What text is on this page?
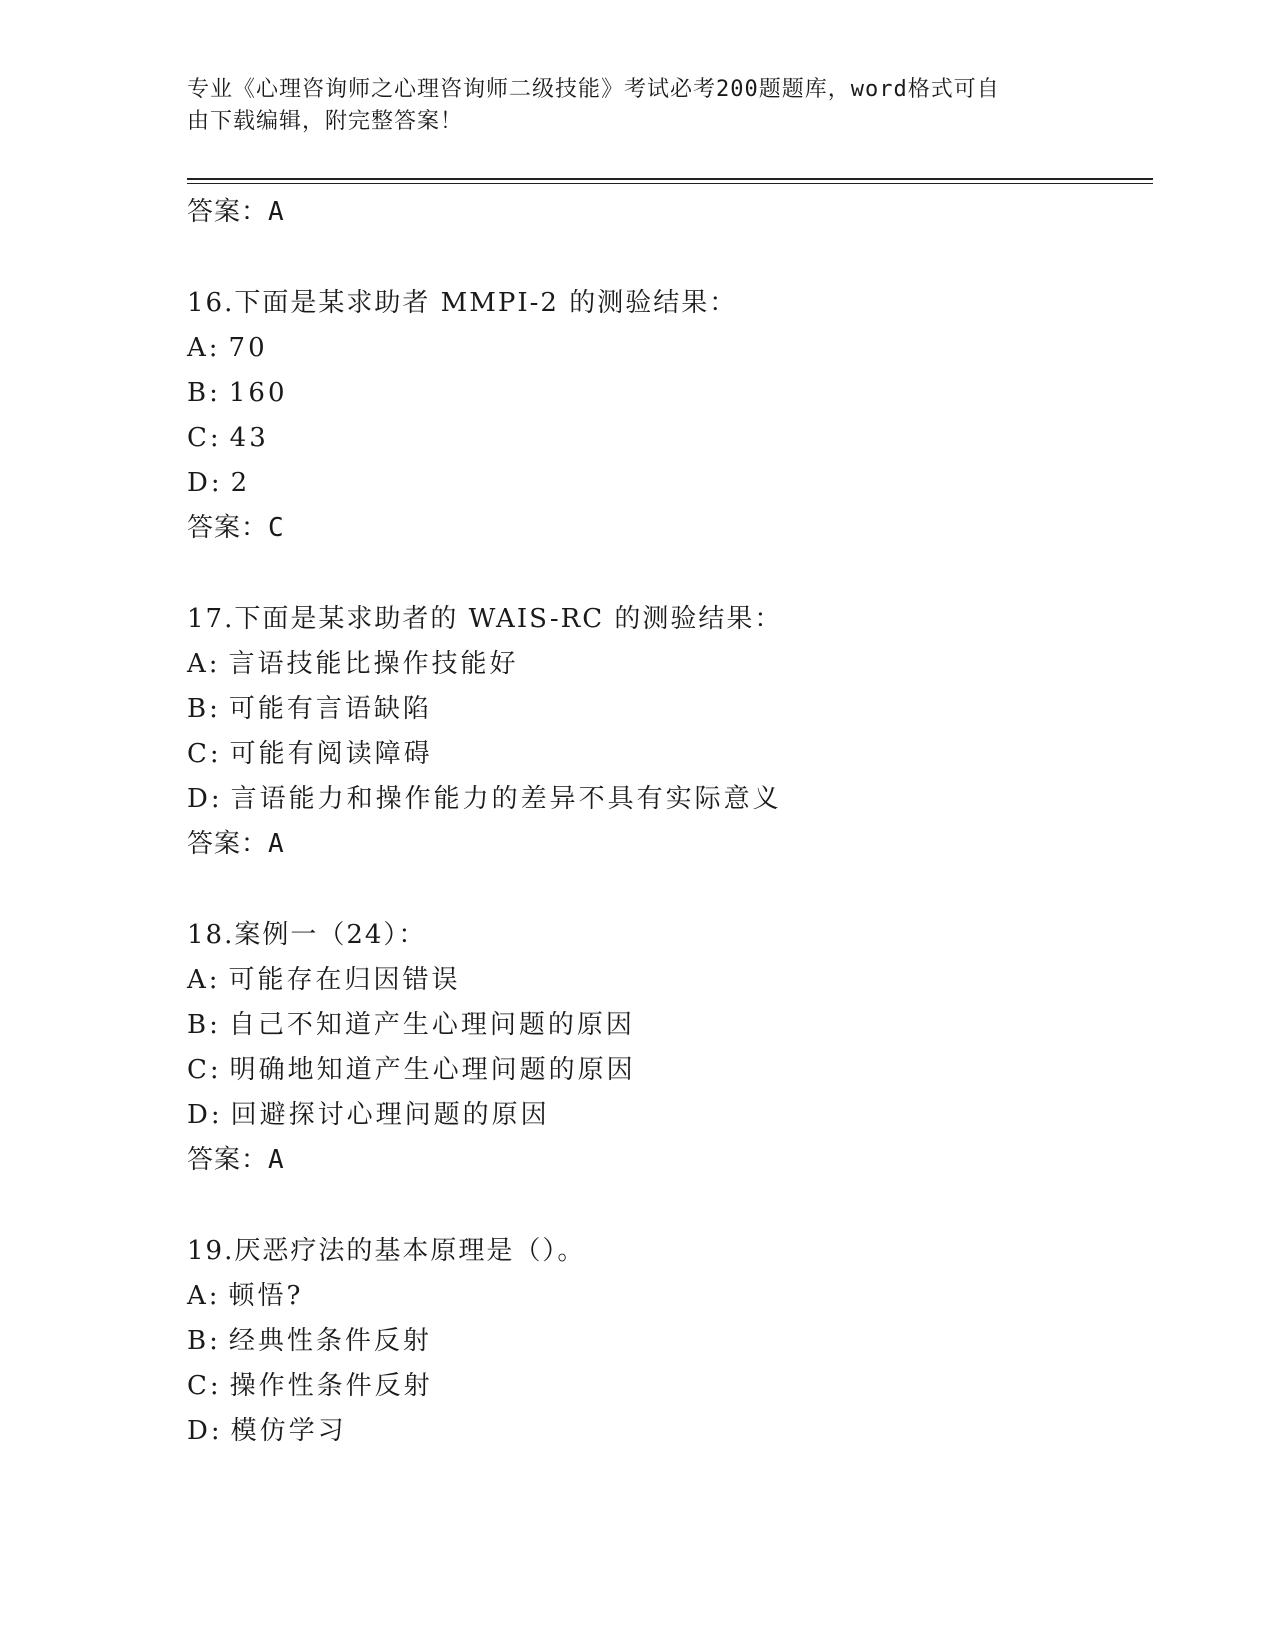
专业《心理咨询师之心理咨询师二级技能》考试必考200题题库，word格式可自
由下载编辑，附完整答案！
答案：A
16.下面是某求助者 MMPI-2 的测验结果：
A: 70
B: 160
C: 43
D: 2
答案：C
17.下面是某求助者的 WAIS-RC 的测验结果：
A: 言语技能比操作技能好
B: 可能有言语缺陷
C: 可能有阅读障碍
D: 言语能力和操作能力的差异不具有实际意义
答案：A
18.案例一（24）：
A: 可能存在归因错误
B: 自己不知道产生心理问题的原因
C: 明确地知道产生心理问题的原因
D: 回避探讨心理问题的原因
答案：A
19.厌恶疗法的基本原理是（）。
A: 顿悟?
B: 经典性条件反射
C: 操作性条件反射
D: 模仿学习
